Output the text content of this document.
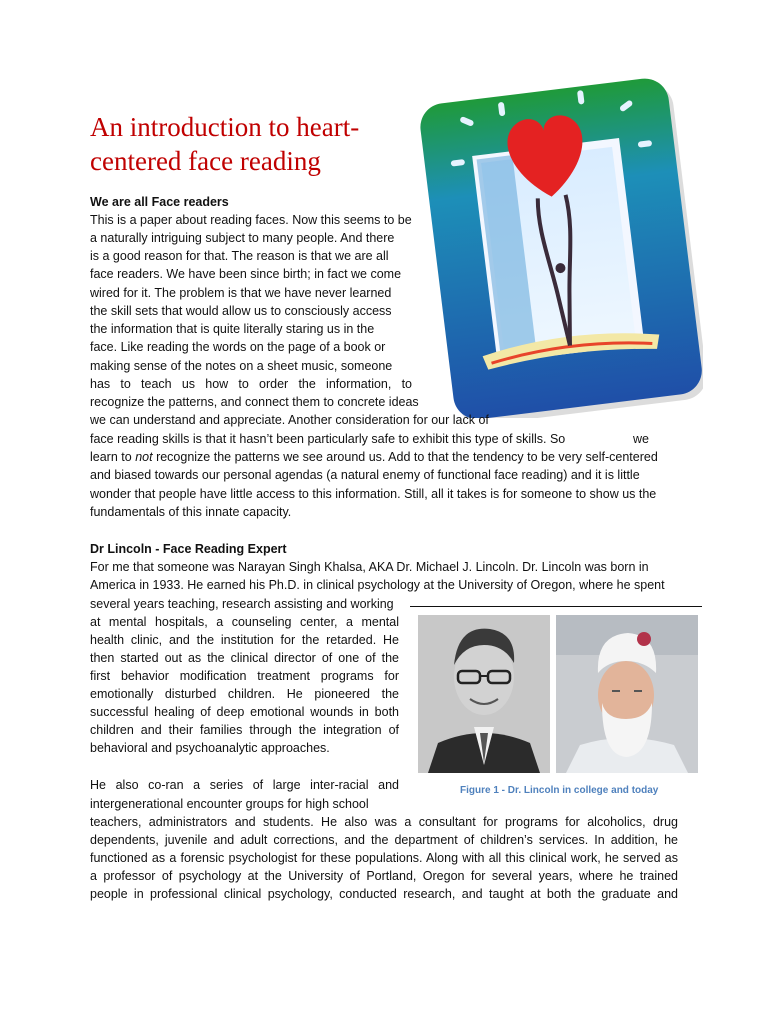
An introduction to heart-centered face reading
We are all Face readers
This is a paper about reading faces. Now this seems to be
a naturally intriguing subject to many people. And there
is a good reason for that. The reason is that we are all
face readers. We have been since birth; in fact we come
wired for it. The problem is that we have never learned
the skill sets that would allow us to consciously access
the information that is quite literally staring us in the
face. Like reading the words on the page of a book or
making sense of the notes on a sheet music, someone
has to teach us how to order the information, to
recognize the patterns, and connect them to concrete ideas
we can understand and appreciate. Another consideration for our lack of
face reading skills is that it hasn’t been particularly safe to exhibit this type of skills. So	we
learn to not recognize the patterns we see around us. Add to that the tendency to be very self-centered
and biased towards our personal agendas (a natural enemy of functional face reading) and it is little
wonder that people have little access to this information. Still, all it takes is for someone to show us the
fundamentals of this innate capacity.
Dr Lincoln - Face Reading Expert
For me that someone was Narayan Singh Khalsa, AKA Dr. Michael J. Lincoln. Dr. Lincoln was born in
America in 1933. He earned his Ph.D. in clinical psychology at the University of Oregon, where he spent
several years teaching, research assisting and working
at mental hospitals, a counseling center, a mental
health clinic, and the institution for the retarded. He
then started out as the clinical director of one of the
first behavior modification treatment programs for
emotionally disturbed children. He pioneered the
successful healing of deep emotional wounds in both
children and their families through the integration of
behavioral and psychoanalytic approaches.
He also co-ran a series of large inter-racial and
intergenerational encounter groups for high school
teachers, administrators and students. He also was a consultant for programs for alcoholics, drug
dependents, juvenile and adult corrections, and the department of children’s services. In addition, he
functioned as a forensic psychologist for these populations. Along with all this clinical work, he served as
a professor of psychology at the University of Portland, Oregon for several years, where he trained
people in professional clinical psychology, conducted research, and taught at both the graduate and
Figure 1 - Dr. Lincoln in college and today
